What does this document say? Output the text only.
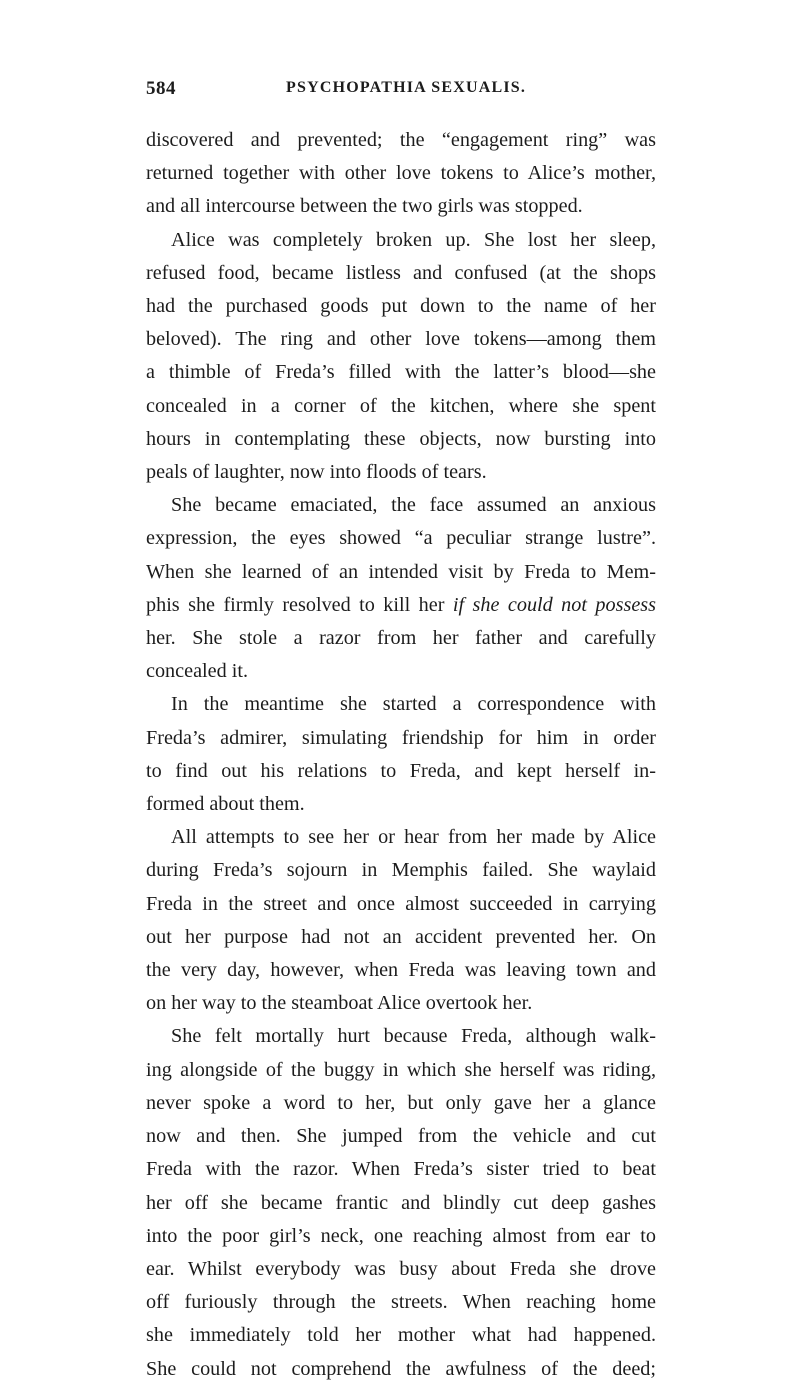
584	PSYCHOPATHIA SEXUALIS.

discovered and prevented; the “engagement ring” was
returned together with other love tokens to Alice’s mother,
and all intercourse between the two girls was stopped.

Alice was completely broken up. She lost her sleep,
refused food, became listless and confused (at the shops
had the purchased goods put down to the name of her
beloved). The ring and other love tokens—among them
a thimble of Freda’s filled with the latter’s blood—she
concealed in a corner of the kitchen, where she spent
hours in contemplating these objects, now bursting into
peals of laughter, now into floods of tears.

She became emaciated, the face assumed an anxious
expression, the eyes showed “a peculiar strange lustre”.
When she learned of an intended visit by Freda to Mem-
phis she firmly resolved to kill her if she could not possess
her. She stole a razor from her father and carefully
concealed it.

In the meantime she started a correspondence with
Freda’s admirer, simulating friendship for him in order
to find out his relations to Freda, and kept herself in-
formed about them.

All attempts to see her or hear from her made by Alice
during Freda’s sojourn in Memphis failed. She waylaid
Freda in the street and once almost succeeded in carrying
out her purpose had not an accident prevented her. On
the very day, however, when Freda was leaving town and
on her way to the steamboat Alice overtook her.

She felt mortally hurt because Freda, although walk-
ing alongside of the buggy in which she herself was riding,
never spoke a word to her, but only gave her a glance
now and then. She jumped from the vehicle and cut
Freda with the razor. When Freda’s sister tried to beat
her off she became frantic and blindly cut deep gashes
into the poor girl’s neck, one reaching almost from ear to
ear. Whilst everybody was busy about Freda she drove
off furiously through the streets. When reaching home
she immediately told her mother what had happened.
She could not comprehend the awfulness of the deed;
